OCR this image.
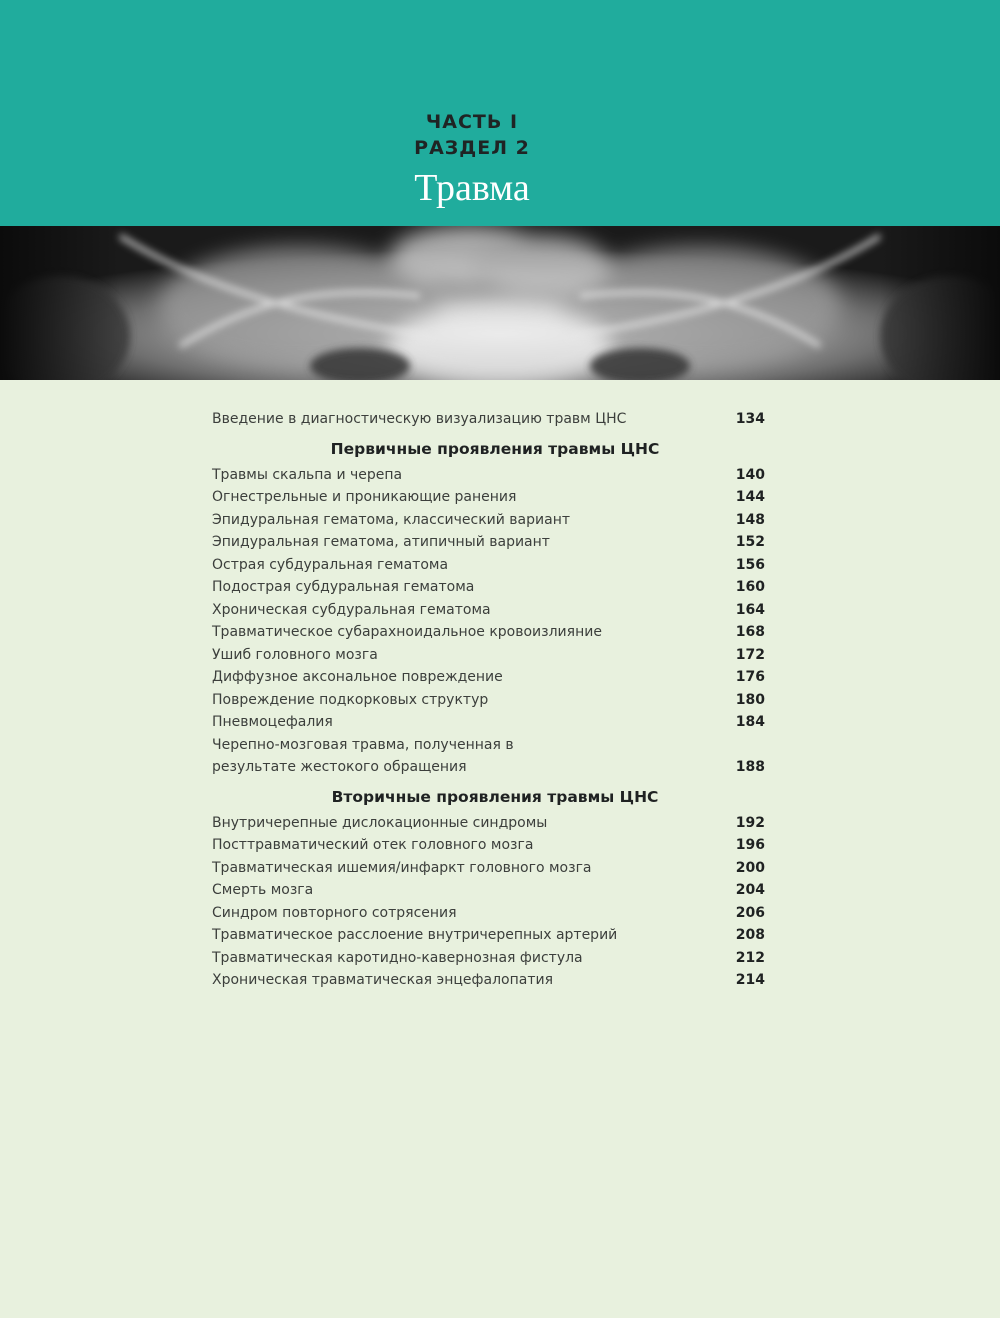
ЧАСТЬ I
РАЗДЕЛ 2
Травма
Введение в диагностическую визуализацию травм ЦНС	134
Первичные проявления травмы ЦНС
Травмы скальпа и черепа	140
Огнестрельные и проникающие ранения	144
Эпидуральная гематома, классический вариант	148
Эпидуральная гематома, атипичный вариант	152
Острая субдуральная гематома	156
Подострая субдуральная гематома	160
Хроническая субдуральная гематома	164
Травматическое субарахноидальное кровоизлияние	168
Ушиб головного мозга	172
Диффузное аксональное повреждение	176
Повреждение подкорковых структур	180
Пневмоцефалия	184
Черепно-мозговая травма, полученная в результате жестокого обращения	188
Вторичные проявления травмы ЦНС
Внутричерепные дислокационные синдромы	192
Посттравматический отек головного мозга	196
Травматическая ишемия/инфаркт головного мозга	200
Смерть мозга	204
Синдром повторного сотрясения	206
Травматическое расслоение внутричерепных артерий	208
Травматическая каротидно-кавернозная фистула	212
Хроническая травматическая энцефалопатия	214
